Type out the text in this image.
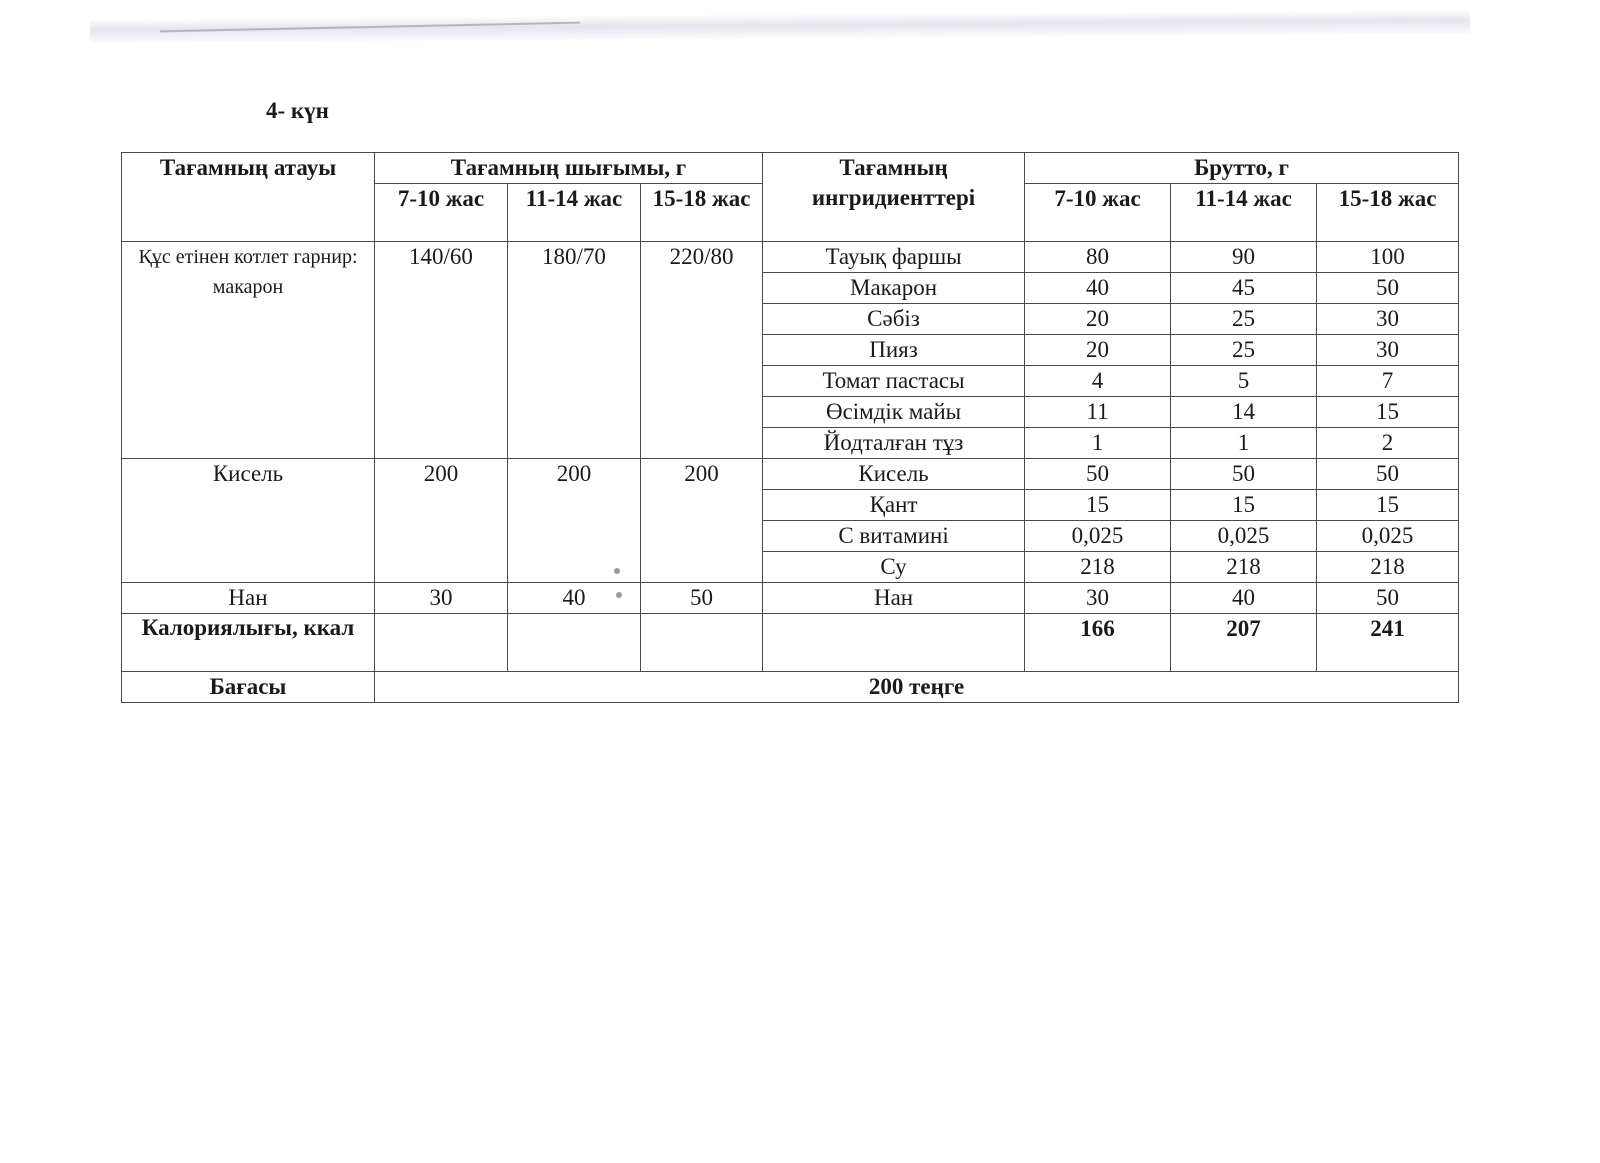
4- күн
Тағамның атауы	Тағамның шығымы, г			Тағамның ингридиенттері	Брутто, г		
	7-10 жас	11-14 жас	15-18 жас		7-10 жас	11-14 жас	15-18 жас
Құс етінен котлет гарнир: макарон	140/60	180/70	220/80	Тауық фаршы	80	90	100
				Макарон	40	45	50
				Сәбіз	20	25	30
				Пияз	20	25	30
				Томат пастасы	4	5	7
				Өсімдік майы	11	14	15
				Йодталған тұз	1	1	2
Кисель	200	200	200	Кисель	50	50	50
				Қант	15	15	15
				С витамині	0,025	0,025	0,025
				Су	218	218	218
Нан	30	40	50	Нан	30	40	50
Калориялығы, ккал					166	207	241
Бағасы	200 теңге						
